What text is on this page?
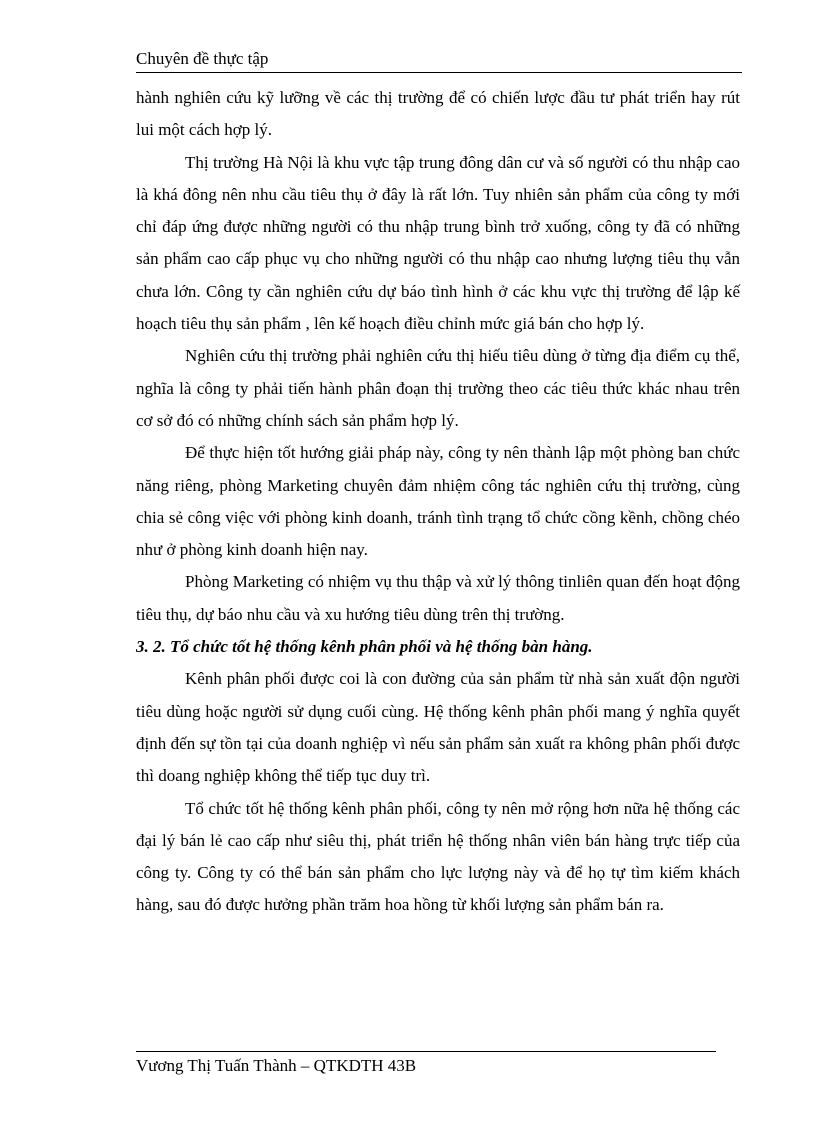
Chuyên đề thực tập

hành nghiên cứu kỹ lưỡng về các thị trường để có chiến lược đầu tư phát triển hay rút lui một cách hợp lý.

Thị trường Hà Nội là khu vực tập trung đông dân cư và số người có thu nhập cao là khá đông nên nhu cầu tiêu thụ ở đây là rất lớn. Tuy nhiên sản phẩm của công ty mới chỉ đáp ứng được những người có thu nhập trung bình trở xuống, công ty đã có những sản phẩm cao cấp phục vụ cho những người có thu nhập cao nhưng lượng tiêu thụ vẫn chưa lớn. Công ty cần nghiên cứu dự báo tình hình ở các khu vực thị trường để lập kế hoạch tiêu thụ sản phẩm , lên kế hoạch điều chỉnh mức giá bán cho hợp lý.

Nghiên cứu thị trường phải nghiên cứu thị hiếu tiêu dùng ở từng địa điểm cụ thể, nghĩa là công ty phải tiến hành phân đoạn thị trường theo các tiêu thức khác nhau trên cơ sở đó có những chính sách sản phẩm hợp lý.

Để thực hiện tốt hướng giải pháp này, công ty nên thành lập một phòng ban chức năng riêng, phòng Marketing chuyên đảm nhiệm công tác nghiên cứu thị trường, cùng chia sẻ công việc với phòng kinh doanh, tránh tình trạng tổ chức cồng kềnh, chồng chéo như ở phòng kinh doanh hiện nay.

Phòng Marketing có nhiệm vụ thu thập và xử lý thông tinliên quan đến hoạt động tiêu thụ, dự báo nhu cầu và xu hướng tiêu dùng trên thị trường.

3. 2. Tổ chức tốt hệ thống kênh phân phối và hệ thống bàn hàng.

Kênh phân phối được coi là con đường của sản phẩm từ nhà sản xuất độn người tiêu dùng hoặc người sử dụng cuối cùng. Hệ thống kênh phân phối mang ý nghĩa quyết định đến sự tồn tại của doanh nghiệp vì nếu sản phẩm sản xuất ra không phân phối được thì doang nghiệp không thể tiếp tục duy trì.

Tổ chức tốt hệ thống kênh phân phối, công ty nên mở rộng hơn nữa hệ thống các đại lý bán lẻ cao cấp như siêu thị, phát triển hệ thống nhân viên bán hàng trực tiếp của công ty. Công ty có thể bán sản phẩm cho lực lượng này và để họ tự tìm kiếm khách hàng, sau đó được hưởng phần trăm hoa hồng từ khối lượng sản phẩm bán ra.

Vương Thị Tuấn Thành – QTKDTH 43B
